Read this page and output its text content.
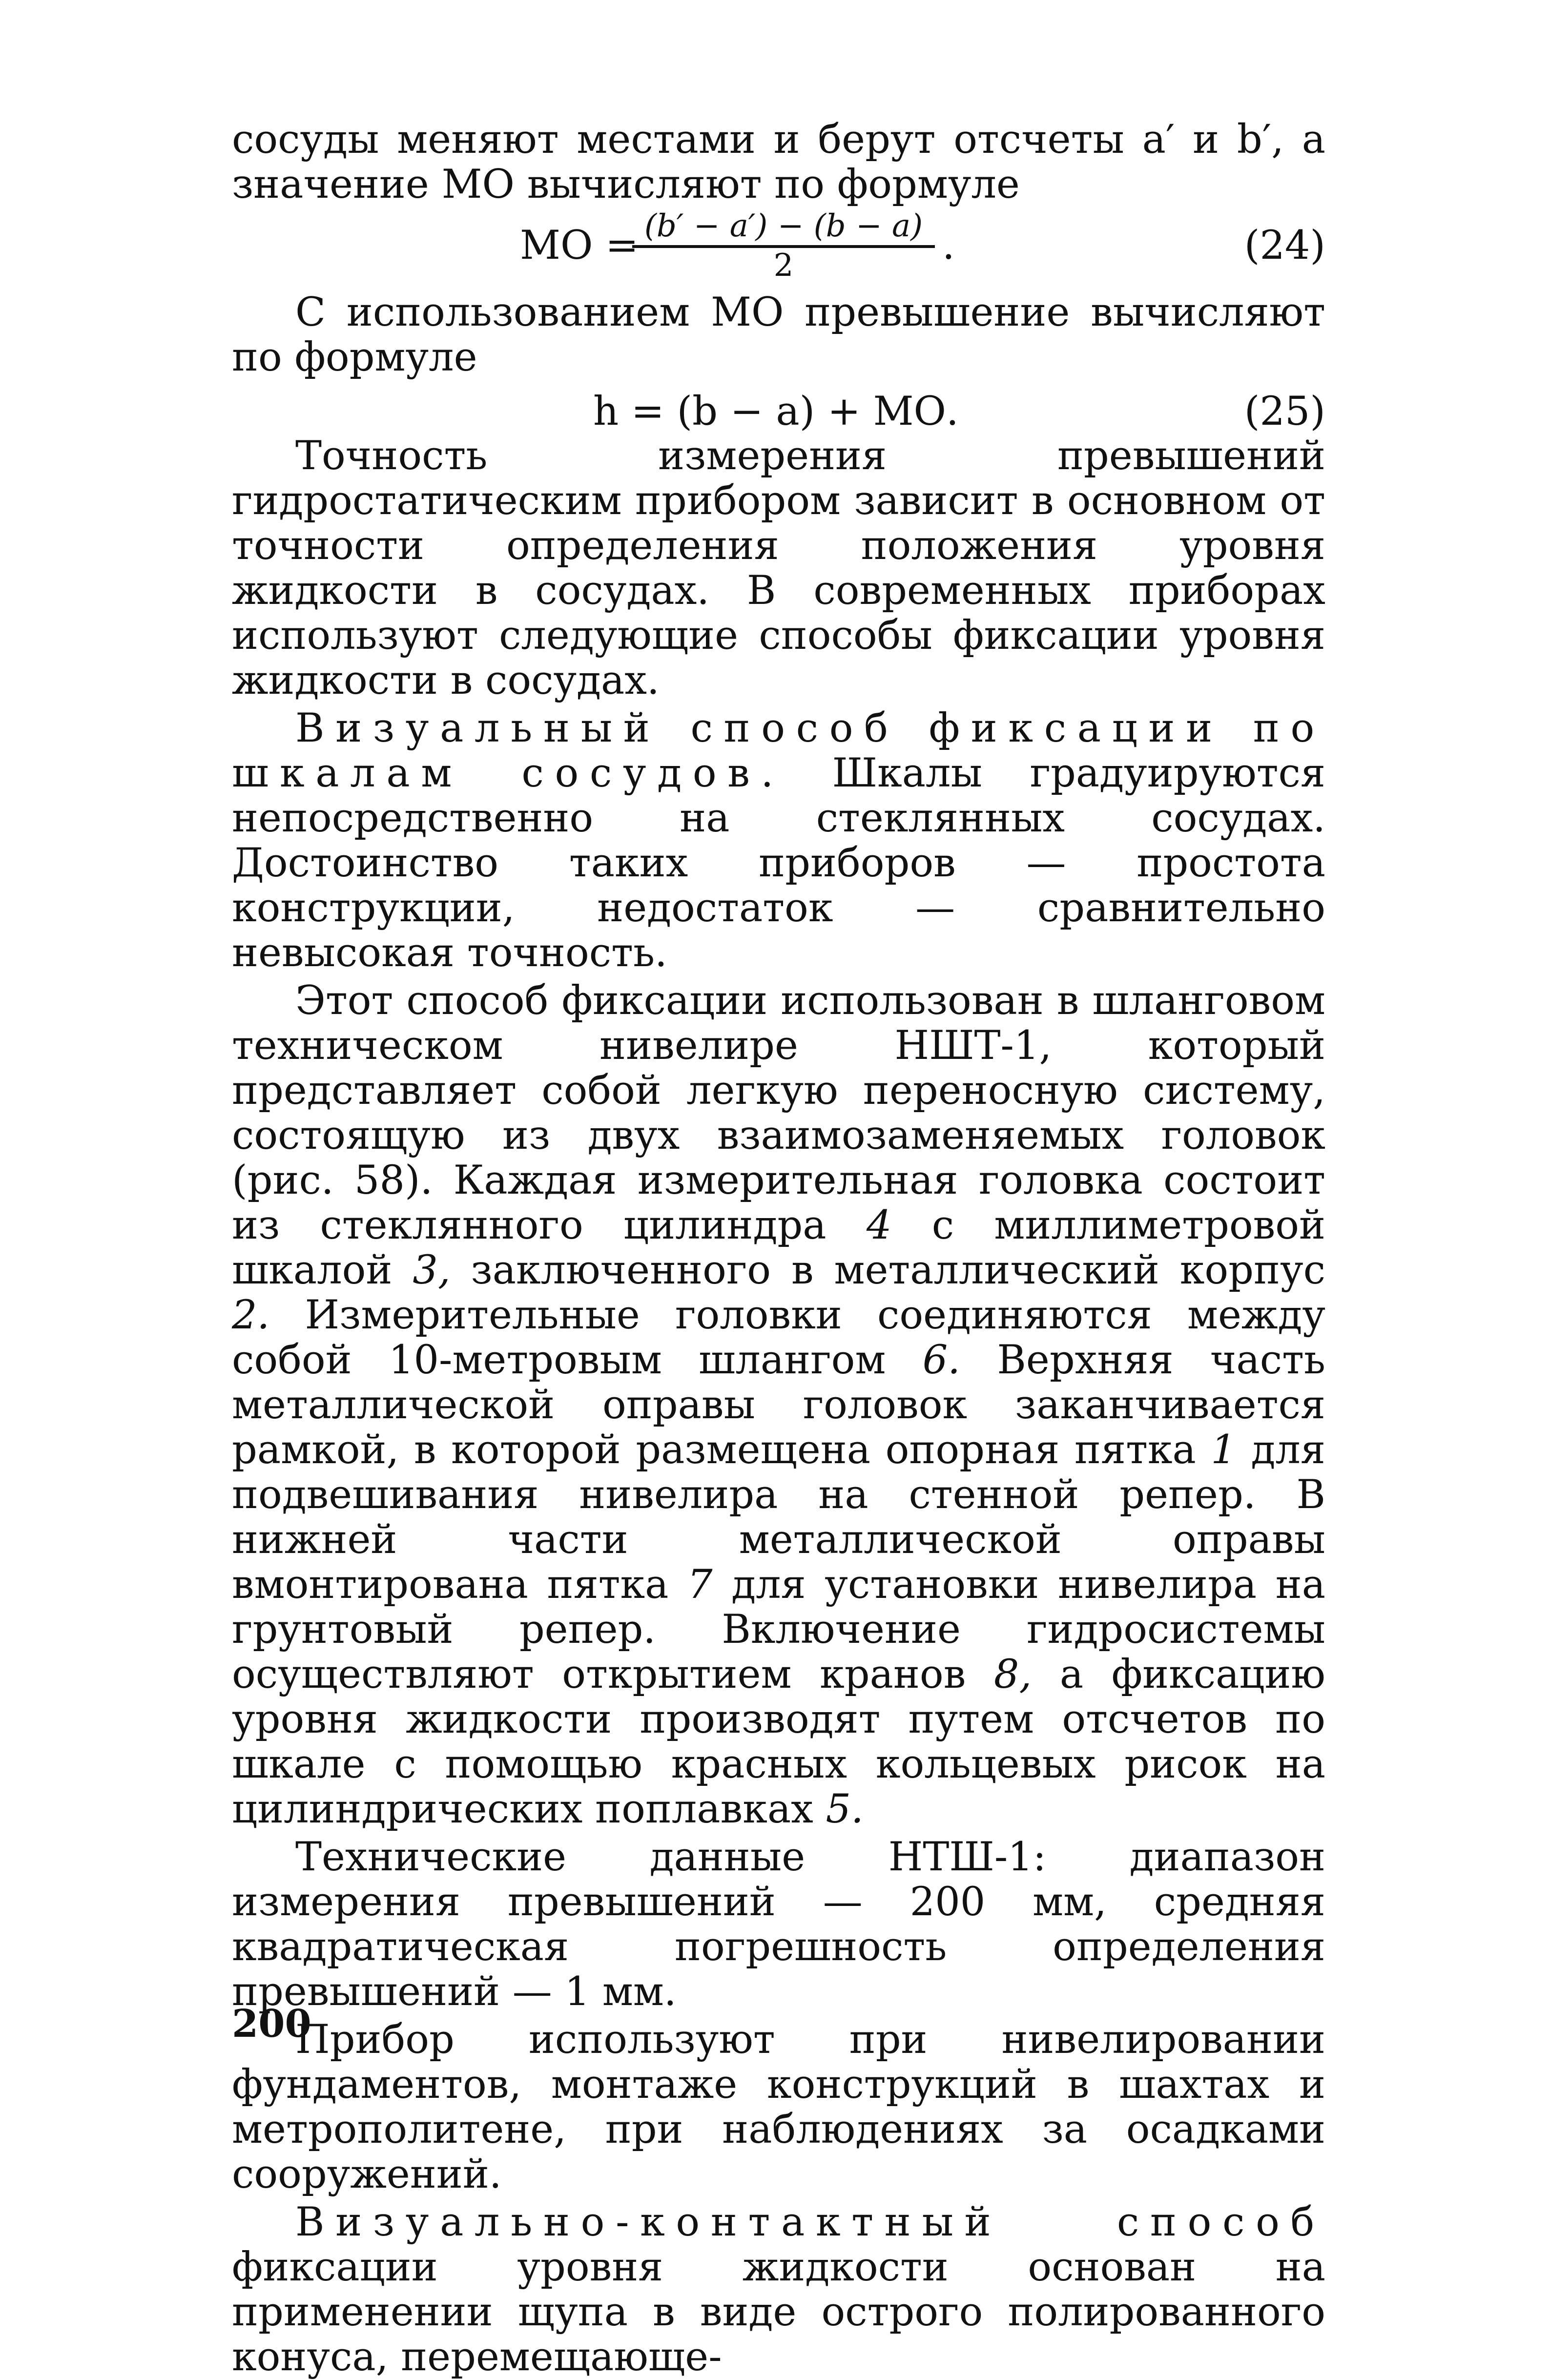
сосуды меняют местами и берут отсчеты a′ и b′, а значение МО вычисляют по формуле

МО = (b′ − a′) − (b − a)
2	.	(24)

С использованием МО превышение вычисляют по формуле

h = (b − a) + МО.	(25)

Точность измерения превышений гидростатическим прибором зависит в основном от точности определения положения уровня жидкости в сосудах. В современных приборах используют следующие способы фиксации уровня жидкости в сосудах.

Визуальный способ фиксации по шкалам сосудов. Шкалы градуируются непосредственно на стеклянных сосудах. Достоинство таких приборов — простота конструкции, недостаток — сравнительно невысокая точность.

Этот способ фиксации использован в шланговом техническом нивелире НШТ-1, который представляет собой легкую переносную систему, состоящую из двух взаимозаменяемых головок (рис. 58). Каждая измерительная головка состоит из стеклянного цилиндра 4 с миллиметровой шкалой 3, заключенного в металлический корпус 2. Измерительные головки соединяются между собой 10-метровым шлангом 6. Верхняя часть металлической оправы головок заканчивается рамкой, в которой размещена опорная пятка 1 для подвешивания нивелира на стенной репер. В нижней части металлической оправы вмонтирована пятка 7 для установки нивелира на грунтовый репер. Включение гидросистемы осуществляют открытием кранов 8, а фиксацию уровня жидкости производят путем отсчетов по шкале с помощью красных кольцевых рисок на цилиндрических поплавках 5.

Технические данные НТШ-1: диапазон измерения превышений — 200 мм, средняя квадратическая погрешность определения превышений — 1 мм.

Прибор используют при нивелировании фундаментов, монтаже конструкций в шахтах и метрополитене, при наблюдениях за осадками сооружений.

Визуально-контактный способ фиксации уровня жидкости основан на применении щупа в виде острого полированного конуса, перемещающе-

200
